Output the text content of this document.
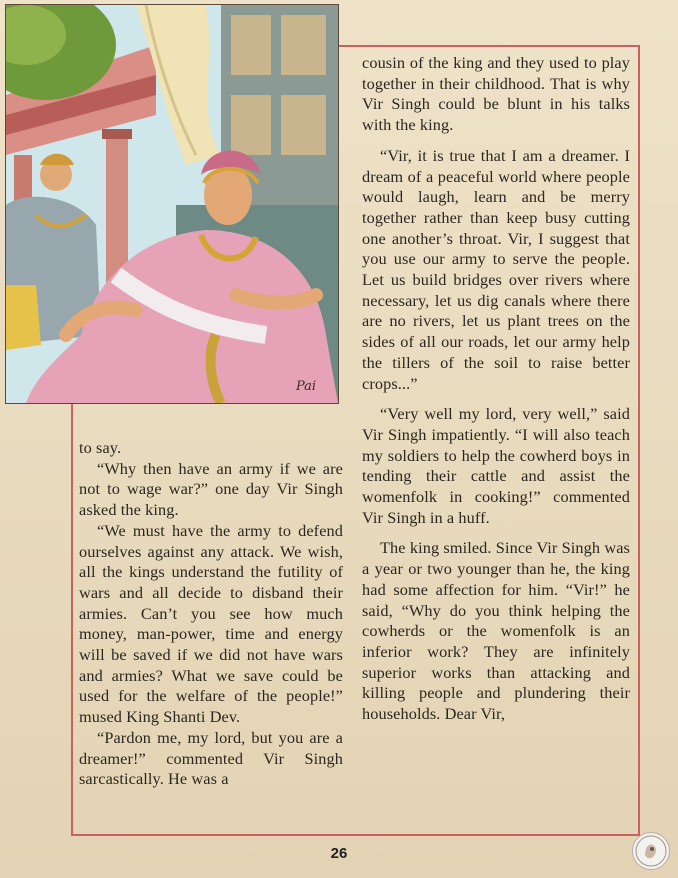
Pai

cousin of the king and they used to play together in their childhood. That is why Vir Singh could be blunt in his talks with the king.

“Vir, it is true that I am a dreamer. I dream of a peaceful world where people would laugh, learn and be merry together rather than keep busy cutting one another’s throat. Vir, I suggest that you use our army to serve the people. Let us build bridges over rivers where necessary, let us dig canals where there are no rivers, let us plant trees on the sides of all our roads, let our army help the tillers of the soil to raise better crops...”

“Very well my lord, very well,” said Vir Singh impatiently. “I will also teach my soldiers to help the cowherd boys in tending their cattle and assist the womenfolk in cooking!” commented Vir Singh in a huff.

The king smiled. Since Vir Singh was a year or two younger than he, the king had some affection for him. “Vir!” he said, “Why do you think helping the cowherds or the womenfolk is an inferior work? They are infinitely superior works than attacking and killing people and plundering their households. Dear Vir,

to say.

“Why then have an army if we are not to wage war?” one day Vir Singh asked the king.

“We must have the army to defend ourselves against any attack. We wish, all the kings understand the futility of wars and all decide to disband their armies. Can’t you see how much money, man-power, time and energy will be saved if we did not have wars and armies? What we save could be used for the welfare of the people!” mused King Shanti Dev.

“Pardon me, my lord, but you are a dreamer!” commented Vir Singh sarcastically. He was a

26
